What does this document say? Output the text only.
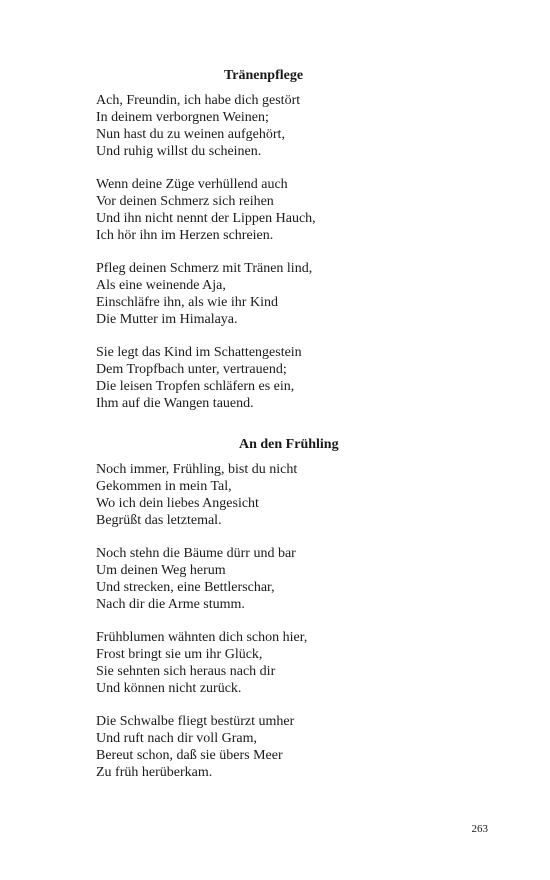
Tränenpflege
Ach, Freundin, ich habe dich gestört
In deinem verborgnen Weinen;
Nun hast du zu weinen aufgehört,
Und ruhig willst du scheinen.
Wenn deine Züge verhüllend auch
Vor deinen Schmerz sich reihen
Und ihn nicht nennt der Lippen Hauch,
Ich hör ihn im Herzen schreien.
Pfleg deinen Schmerz mit Tränen lind,
Als eine weinende Aja,
Einschläfre ihn, als wie ihr Kind
Die Mutter im Himalaya.
Sie legt das Kind im Schattengestein
Dem Tropfbach unter, vertrauend;
Die leisen Tropfen schläfern es ein,
Ihm auf die Wangen tauend.
An den Frühling
Noch immer, Frühling, bist du nicht
Gekommen in mein Tal,
Wo ich dein liebes Angesicht
Begrüßt das letztemal.
Noch stehn die Bäume dürr und bar
Um deinen Weg herum
Und strecken, eine Bettlerschar,
Nach dir die Arme stumm.
Frühblumen wähnten dich schon hier,
Frost bringt sie um ihr Glück,
Sie sehnten sich heraus nach dir
Und können nicht zurück.
Die Schwalbe fliegt bestürzt umher
Und ruft nach dir voll Gram,
Bereut schon, daß sie übers Meer
Zu früh herüberkam.
263
